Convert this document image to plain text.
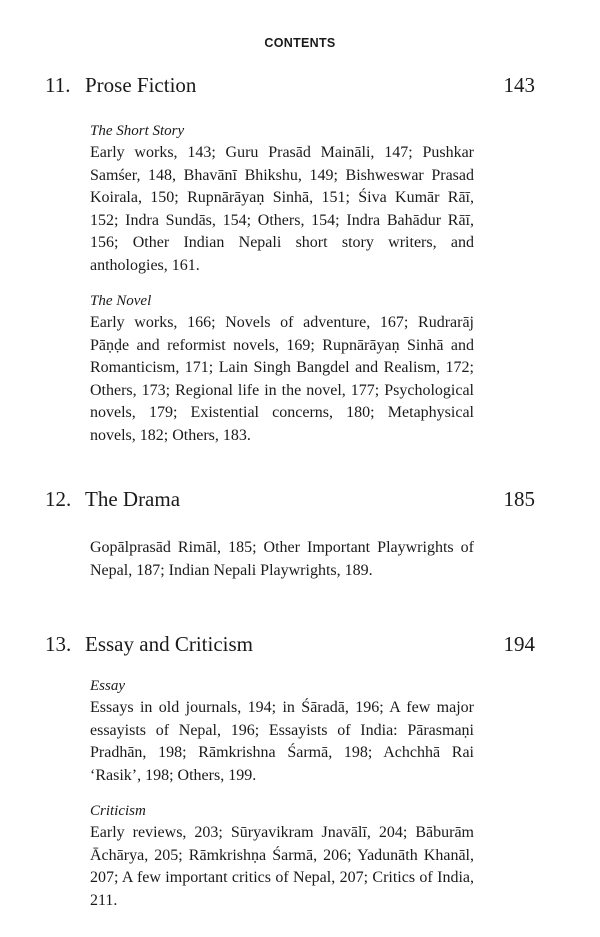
CONTENTS
11. Prose Fiction	143
The Short Story
Early works, 143; Guru Prasād Maināli, 147; Pushkar Samśer, 148, Bhavānī Bhikshu, 149; Bishweswar Prasad Koirala, 150; Rupnārāyaṇ Sinhā, 151; Śiva Kumār Rāī, 152; Indra Sundās, 154; Others, 154; Indra Bahādur Rāī, 156; Other Indian Nepali short story writers, and anthologies, 161.
The Novel
Early works, 166; Novels of adventure, 167; Rudrarāj Pāṇḍe and reformist novels, 169; Rupnārāyaṇ Sinhā and Romanticism, 171; Lain Singh Bangdel and Realism, 172; Others, 173; Regional life in the novel, 177; Psychological novels, 179; Existential concerns, 180; Metaphysical novels, 182; Others, 183.
12. The Drama	185
Gopālprasād Rimāl, 185; Other Important Playwrights of Nepal, 187; Indian Nepali Playwrights, 189.
13. Essay and Criticism	194
Essay
Essays in old journals, 194; in Śāradā, 196; A few major essayists of Nepal, 196; Essayists of India: Pārasmaṇi Pradhān, 198; Rāmkrishna Śarmā, 198; Achchhā Rai ‘Rasik’, 198; Others, 199.
Criticism
Early reviews, 203; Sūryavikram Jnavālī, 204; Bāburām Āchārya, 205; Rāmkrishṇa Śarmā, 206; Yadunāth Khanāl, 207; A few important critics of Nepal, 207; Critics of India, 211.
